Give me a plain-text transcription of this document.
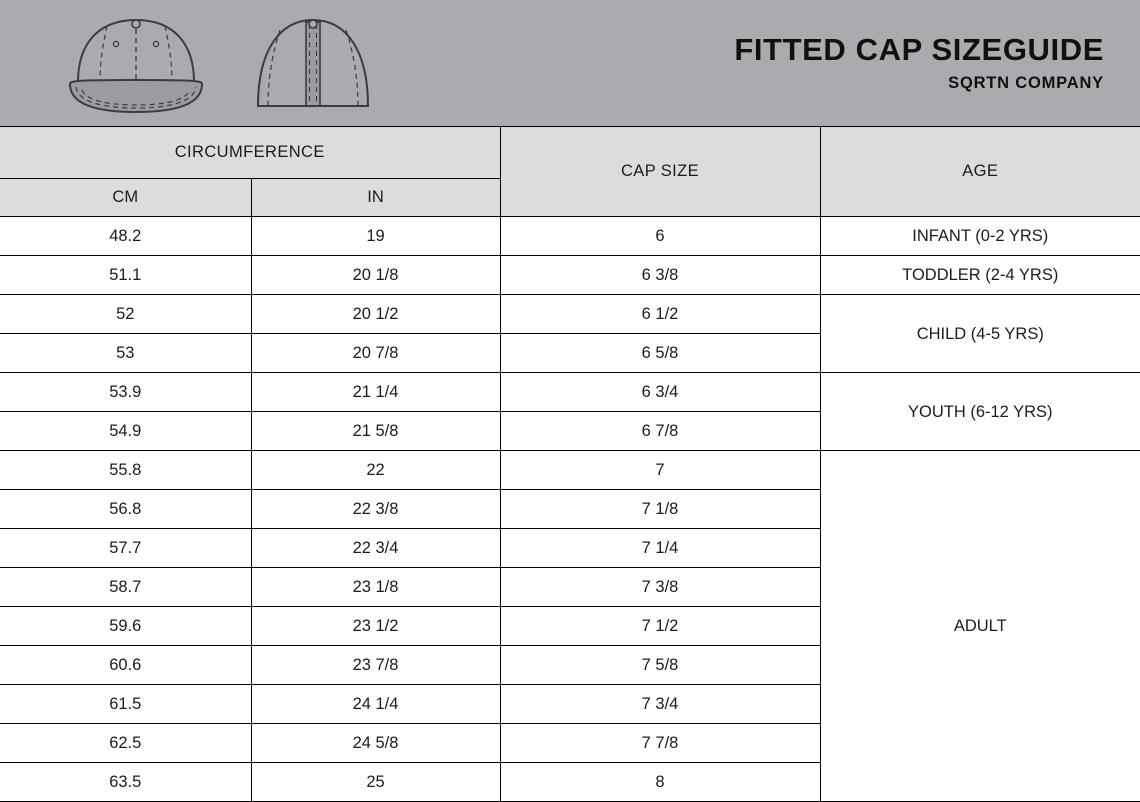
FITTED CAP SIZEGUIDE
SQRTN COMPANY
CIRCUMFERENCE		CAP SIZE	AGE
CM	IN		
48.2	19	6	INFANT (0-2 YRS)
51.1	20 1/8	6 3/8	TODDLER (2-4 YRS)
52	20 1/2	6 1/2	CHILD (4-5 YRS)
53	20 7/8	6 5/8	
53.9	21 1/4	6 3/4	YOUTH (6-12 YRS)
54.9	21 5/8	6 7/8	
55.8	22	7	ADULT
56.8	22 3/8	7 1/8	
57.7	22 3/4	7 1/4	
58.7	23 1/8	7 3/8	
59.6	23 1/2	7 1/2	
60.6	23 7/8	7 5/8	
61.5	24 1/4	7 3/4	
62.5	24 5/8	7 7/8	
63.5	25	8	
